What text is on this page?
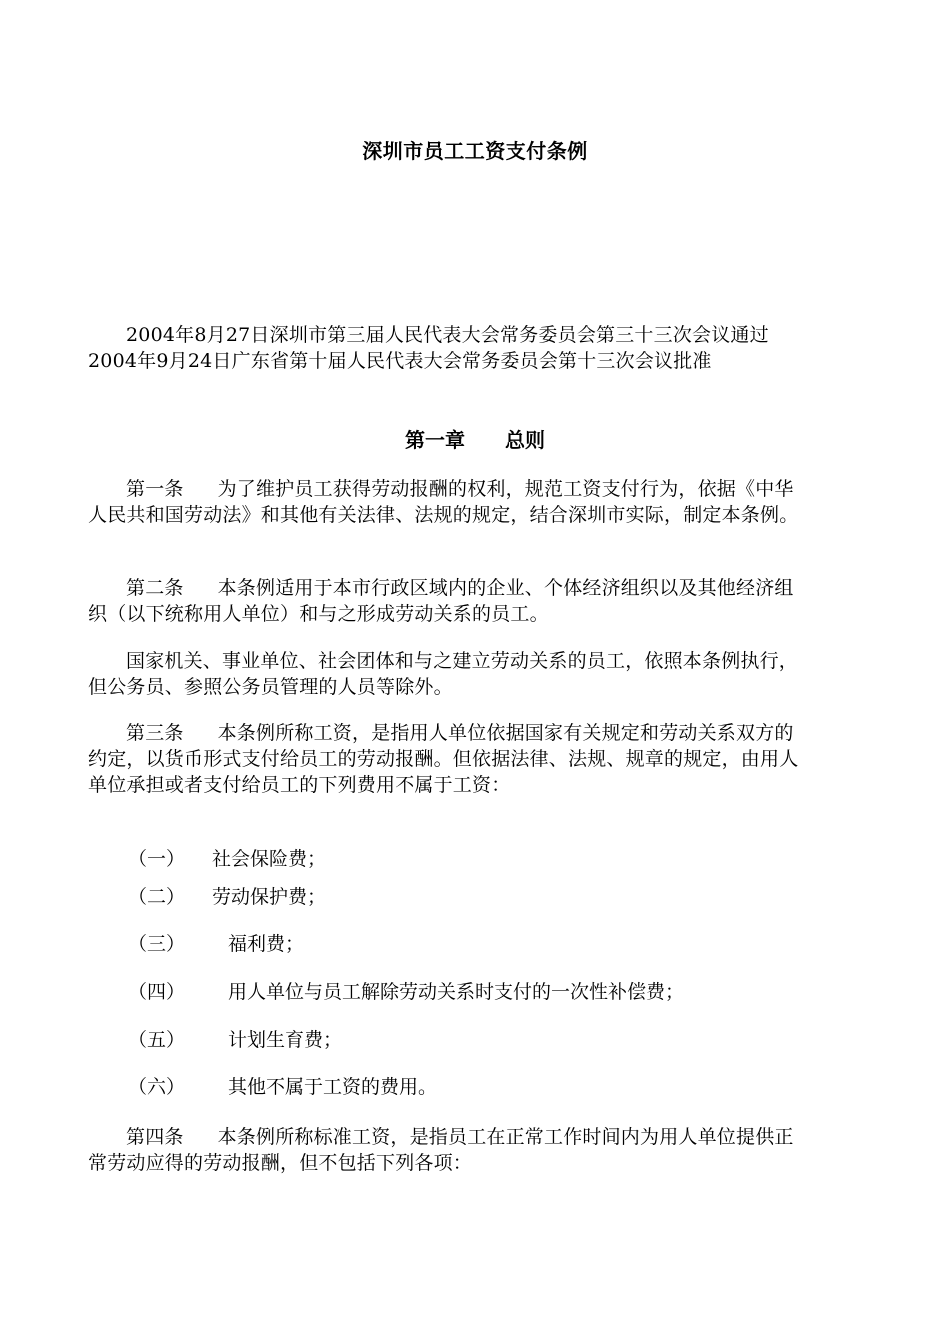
深圳市员工工资支付条例

2004年8月27日深圳市第三届人民代表大会常务委员会第三十三次会议通过2004年9月24日广东省第十届人民代表大会常务委员会第十三次会议批准

第一章 总则

第一条 为了维护员工获得劳动报酬的权利，规范工资支付行为，依据《中华人民共和国劳动法》和其他有关法律、法规的规定，结合深圳市实际，制定本条例。

第二条 本条例适用于本市行政区域内的企业、个体经济组织以及其他经济组织（以下统称用人单位）和与之形成劳动关系的员工。

国家机关、事业单位、社会团体和与之建立劳动关系的员工，依照本条例执行，但公务员、参照公务员管理的人员等除外。

第三条 本条例所称工资，是指用人单位依据国家有关规定和劳动关系双方的约定，以货币形式支付给员工的劳动报酬。但依据法律、法规、规章的规定，由用人单位承担或者支付给员工的下列费用不属于工资：

（一） 社会保险费；
（二） 劳动保护费；
（三） 福利费；
（四） 用人单位与员工解除劳动关系时支付的一次性补偿费；
（五） 计划生育费；
（六） 其他不属于工资的费用。

第四条 本条例所称标准工资，是指员工在正常工作时间内为用人单位提供正常劳动应得的劳动报酬，但不包括下列各项：
